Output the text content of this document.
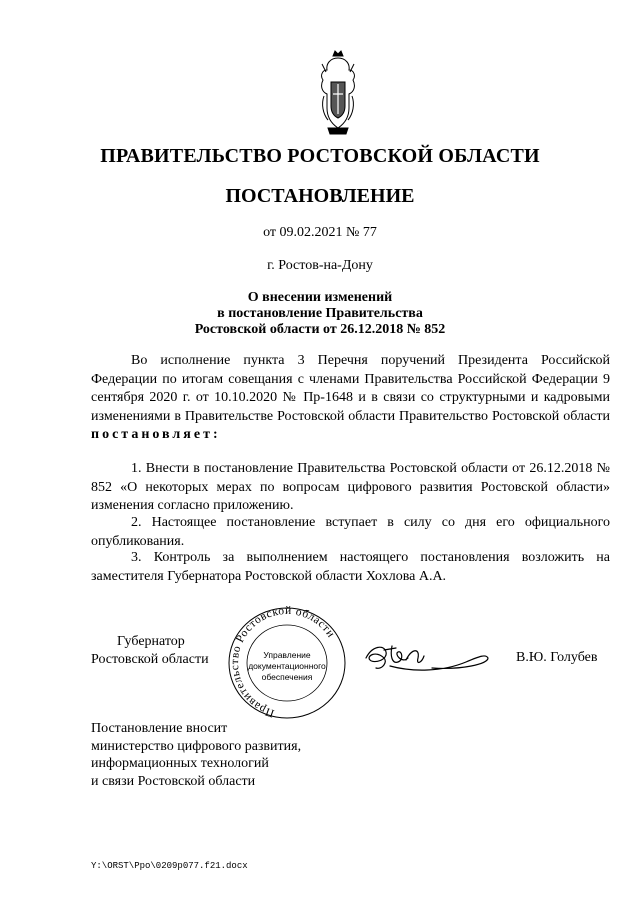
ПРАВИТЕЛЬСТВО РОСТОВСКОЙ ОБЛАСТИ
ПОСТАНОВЛЕНИЕ
от 09.02.2021 № 77
г. Ростов-на-Дону
О внесении изменений
в постановление Правительства
Ростовской области от 26.12.2018 № 852
Во исполнение пункта 3 Перечня поручений Президента Российской Федерации по итогам совещания с членами Правительства Российской Федерации 9 сентября 2020 г. от 10.10.2020 № Пр-1648 и в связи со структурными и кадровыми изменениями в Правительстве Ростовской области Правительство Ростовской области постановляет:
1. Внести в постановление Правительства Ростовской области от 26.12.2018 № 852 «О некоторых мерах по вопросам цифрового развития Ростовской области» изменения согласно приложению.
2. Настоящее постановление вступает в силу со дня его официального опубликования.
3. Контроль за выполнением настоящего постановления возложить на заместителя Губернатора Ростовской области Хохлова А.А.
Губернатор
Ростовской области
Правительство Ростовской области
Управление
документационного
обеспечения
В.Ю. Голубев
Постановление вносит
министерство цифрового развития,
информационных технологий
и связи Ростовской области
Y:\ORST\Ppo\0209p077.f21.docx
